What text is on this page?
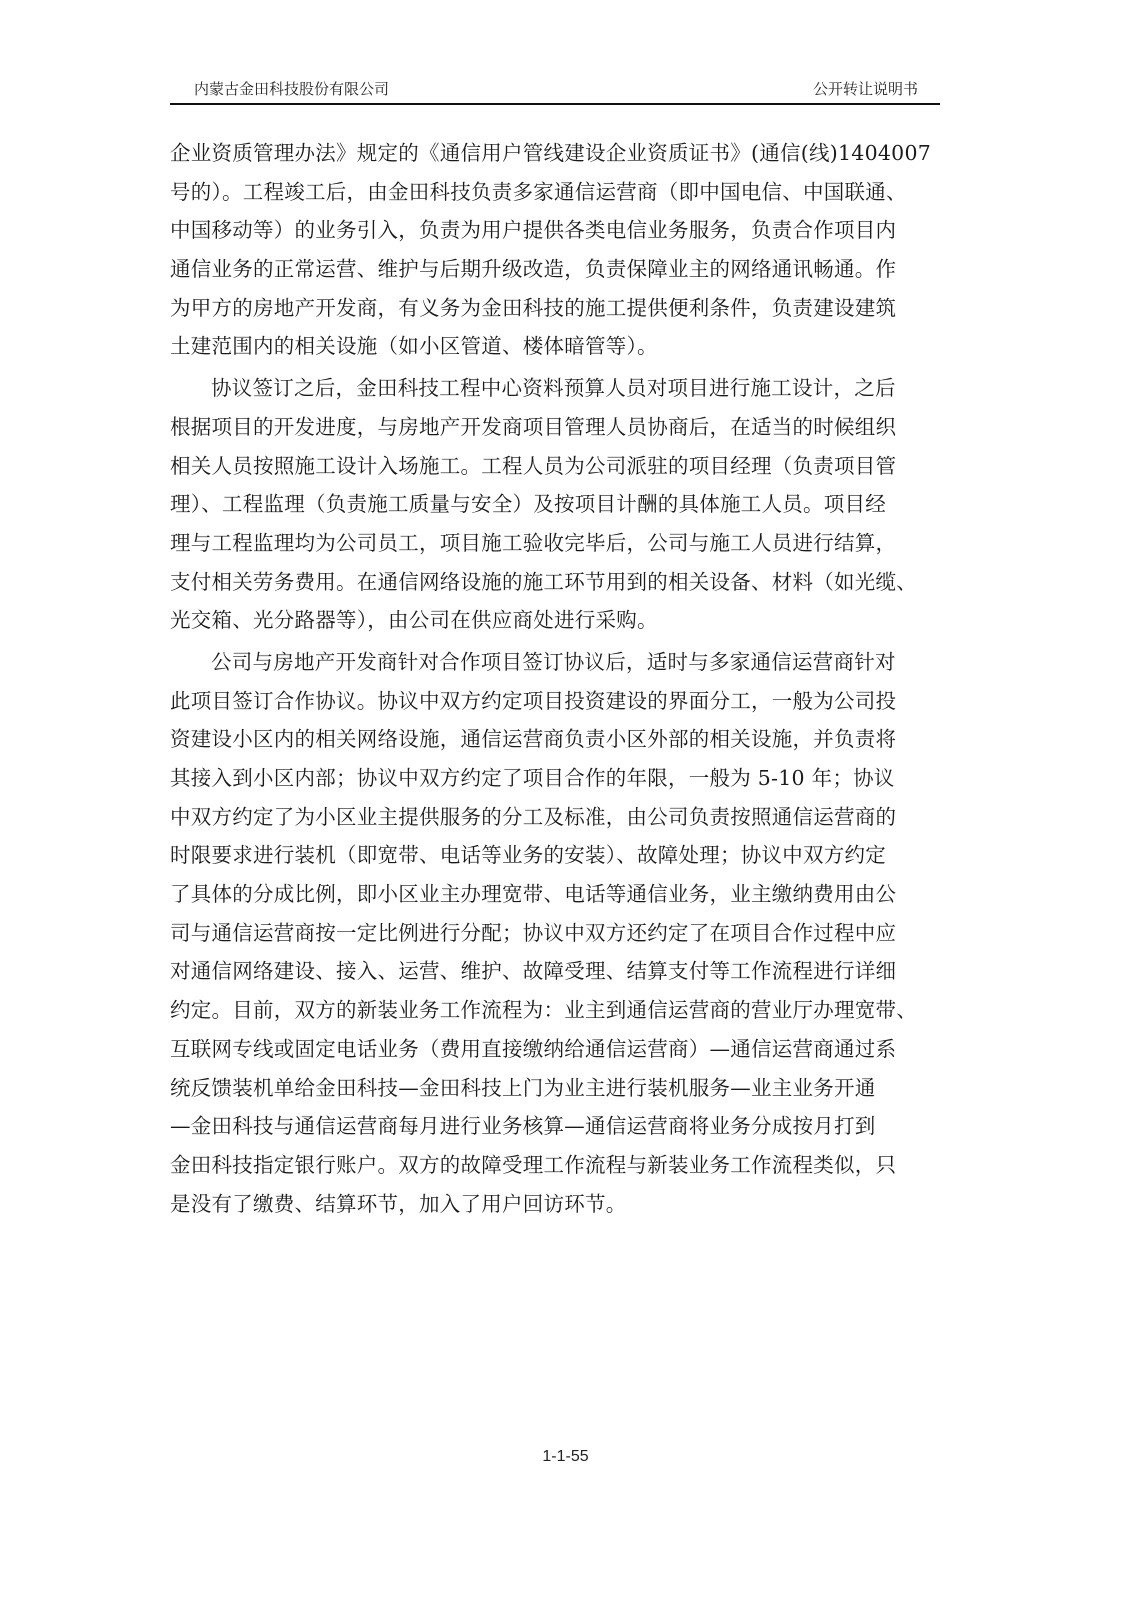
内蒙古金田科技股份有限公司	公开转让说明书
企业资质管理办法》规定的《通信用户管线建设企业资质证书》(通信(线)1404007
号的）。工程竣工后，由金田科技负责多家通信运营商（即中国电信、中国联通、
中国移动等）的业务引入，负责为用户提供各类电信业务服务，负责合作项目内
通信业务的正常运营、维护与后期升级改造，负责保障业主的网络通讯畅通。作
为甲方的房地产开发商，有义务为金田科技的施工提供便利条件，负责建设建筑
土建范围内的相关设施（如小区管道、楼体暗管等）。
协议签订之后，金田科技工程中心资料预算人员对项目进行施工设计，之后
根据项目的开发进度，与房地产开发商项目管理人员协商后，在适当的时候组织
相关人员按照施工设计入场施工。工程人员为公司派驻的项目经理（负责项目管
理）、工程监理（负责施工质量与安全）及按项目计酬的具体施工人员。项目经
理与工程监理均为公司员工，项目施工验收完毕后，公司与施工人员进行结算，
支付相关劳务费用。在通信网络设施的施工环节用到的相关设备、材料（如光缆、
光交箱、光分路器等），由公司在供应商处进行采购。
公司与房地产开发商针对合作项目签订协议后，适时与多家通信运营商针对
此项目签订合作协议。协议中双方约定项目投资建设的界面分工，一般为公司投
资建设小区内的相关网络设施，通信运营商负责小区外部的相关设施，并负责将
其接入到小区内部；协议中双方约定了项目合作的年限，一般为 5-10 年；协议
中双方约定了为小区业主提供服务的分工及标准，由公司负责按照通信运营商的
时限要求进行装机（即宽带、电话等业务的安装）、故障处理；协议中双方约定
了具体的分成比例，即小区业主办理宽带、电话等通信业务，业主缴纳费用由公
司与通信运营商按一定比例进行分配；协议中双方还约定了在项目合作过程中应
对通信网络建设、接入、运营、维护、故障受理、结算支付等工作流程进行详细
约定。目前，双方的新装业务工作流程为：业主到通信运营商的营业厅办理宽带、
互联网专线或固定电话业务（费用直接缴纳给通信运营商）—通信运营商通过系
统反馈装机单给金田科技—金田科技上门为业主进行装机服务—业主业务开通
—金田科技与通信运营商每月进行业务核算—通信运营商将业务分成按月打到
金田科技指定银行账户。双方的故障受理工作流程与新装业务工作流程类似，只
是没有了缴费、结算环节，加入了用户回访环节。
1-1-55
